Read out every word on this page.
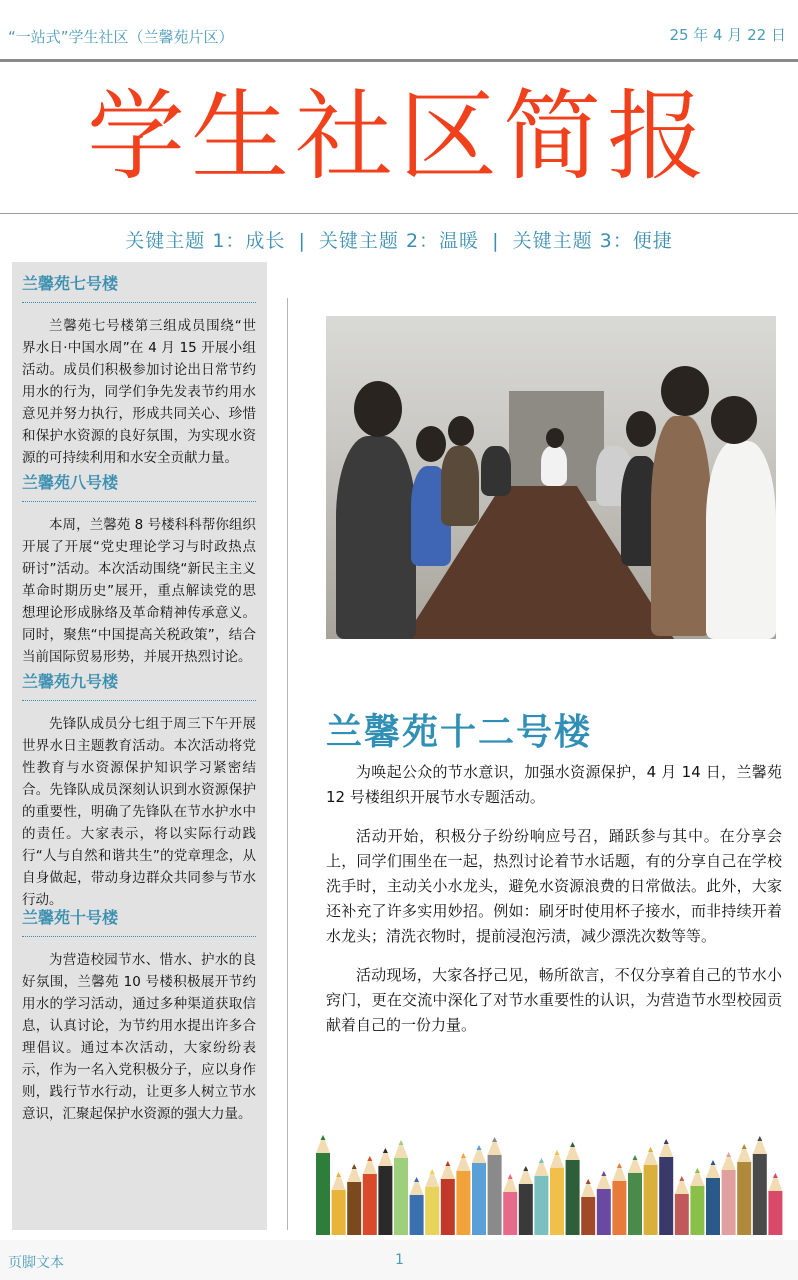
“一站式”学生社区（兰馨苑片区）	25 年 4 月 22 日
学生社区简报
关键主题 1：成长 | 关键主题 2：温暖 | 关键主题 3：便捷
兰馨苑七号楼
兰馨苑七号楼第三组成员围绕“世界水日·中国水周”在 4 月 15 开展小组活动。成员们积极参加讨论出日常节约用水的行为，同学们争先发表节约用水意见并努力执行，形成共同关心、珍惜和保护水资源的良好氛围，为实现水资源的可持续利用和水安全贡献力量。
兰馨苑八号楼
本周，兰馨苑 8 号楼科科帮你组织开展了开展“党史理论学习与时政热点研讨”活动。本次活动围绕“新民主主义革命时期历史”展开，重点解读党的思想理论形成脉络及革命精神传承意义。同时，聚焦“中国提高关税政策”，结合当前国际贸易形势，并展开热烈讨论。
兰馨苑九号楼
先锋队成员分七组于周三下午开展世界水日主题教育活动。本次活动将党性教育与水资源保护知识学习紧密结合。先锋队成员深刻认识到水资源保护的重要性，明确了先锋队在节水护水中的责任。大家表示，将以实际行动践行“人与自然和谐共生”的党章理念，从自身做起，带动身边群众共同参与节水行动。
兰馨苑十号楼
为营造校园节水、惜水、护水的良好氛围，兰馨苑 10 号楼积极展开节约用水的学习活动，通过多种渠道获取信息，认真讨论，为节约用水提出许多合理倡议。通过本次活动，大家纷纷表示，作为一名入党积极分子，应以身作则，践行节水行动，让更多人树立节水意识，汇聚起保护水资源的强大力量。
兰馨苑十二号楼

为唤起公众的节水意识，加强水资源保护，4 月 14 日，兰馨苑 12 号楼组织开展节水专题活动。

活动开始，积极分子纷纷响应号召，踊跃参与其中。在分享会上，同学们围坐在一起，热烈讨论着节水话题，有的分享自己在学校洗手时，主动关小水龙头，避免水资源浪费的日常做法。此外，大家还补充了许多实用妙招。例如：刷牙时使用杯子接水，而非持续开着水龙头；清洗衣物时，提前浸泡污渍，减少漂洗次数等等。

活动现场，大家各抒己见，畅所欲言，不仅分享着自己的节水小窍门，更在交流中深化了对节水重要性的认识，为营造节水型校园贡献着自己的一份力量。

页脚文本	1
